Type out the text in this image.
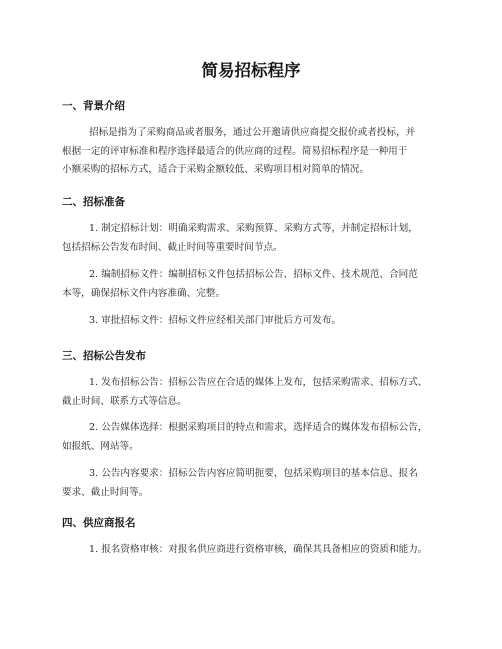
简易招标程序
一、背景介绍

招标是指为了采购商品或者服务，通过公开邀请供应商提交报价或者投标，并
根据一定的评审标准和程序选择最适合的供应商的过程。简易招标程序是一种用于
小额采购的招标方式，适合于采购金额较低、采购项目相对简单的情况。

二、招标准备

1. 制定招标计划：明确采购需求、采购预算、采购方式等，并制定招标计划，
包括招标公告发布时间、截止时间等重要时间节点。

2. 编制招标文件：编制招标文件包括招标公告、招标文件、技术规范、合同范
本等，确保招标文件内容准确、完整。

3. 审批招标文件：招标文件应经相关部门审批后方可发布。

三、招标公告发布

1. 发布招标公告：招标公告应在合适的媒体上发布，包括采购需求、招标方式、
截止时间、联系方式等信息。

2. 公告媒体选择：根据采购项目的特点和需求，选择适合的媒体发布招标公告，
如报纸、网站等。

3. 公告内容要求：招标公告内容应简明扼要，包括采购项目的基本信息、报名
要求、截止时间等。

四、供应商报名

1. 报名资格审核：对报名供应商进行资格审核，确保其具备相应的资质和能力。
